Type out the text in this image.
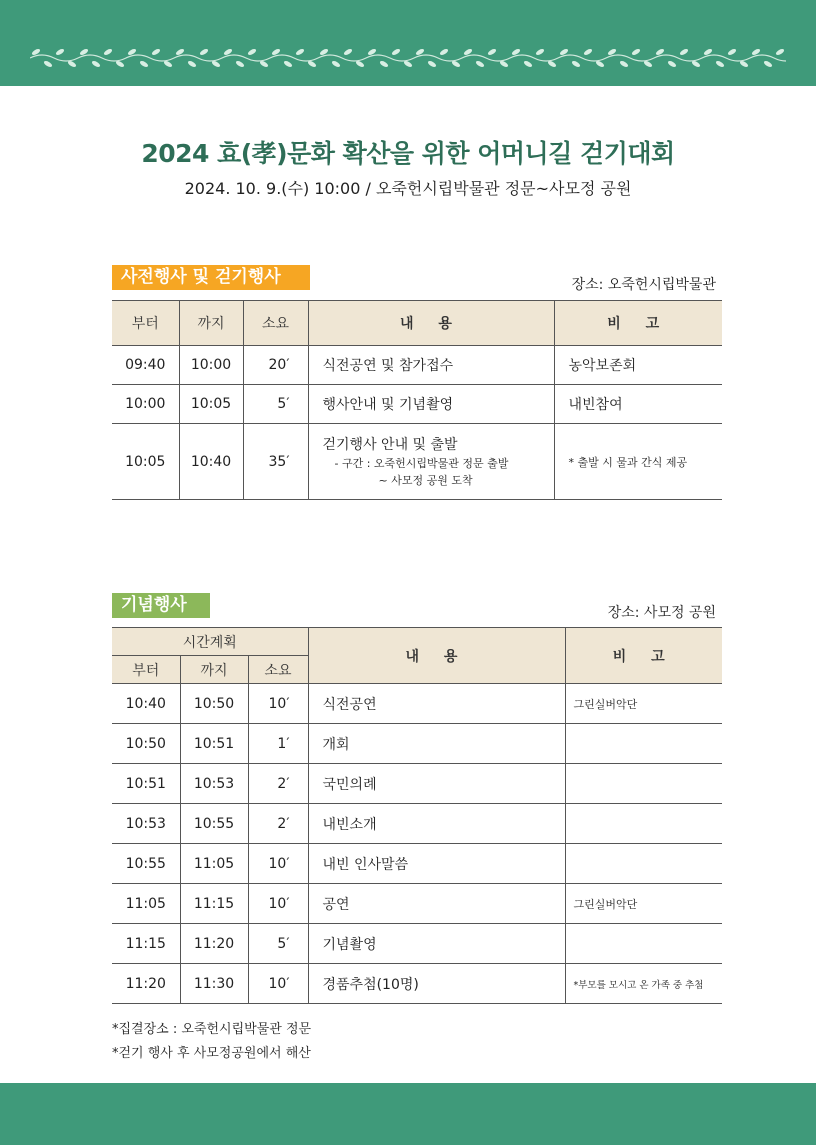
2024 효(孝)문화 확산을 위한 어머니길 걷기대회
2024. 10. 9.(수) 10:00 / 오죽헌시립박물관 정문~사모정 공원
사전행사 및 걷기행사	장소: 오죽헌시립박물관
부터	까지	소요	내 용	비 고
09:40	10:00	20′	식전공연 및 참가접수	농악보존회
10:00	10:05	5′	행사안내 및 기념촬영	내빈참여
10:05	10:40	35′	걷기행사 안내 및 출발
- 구간 : 오죽헌시립박물관 정문 출발
~ 사모정 공원 도착	* 출발 시 물과 간식 제공
기념행사	장소: 사모정 공원
시간계획			내 용	비 고
부터	까지	소요		
10:40	10:50	10′	식전공연	그린실버악단
10:50	10:51	1′	개회	
10:51	10:53	2′	국민의례	
10:53	10:55	2′	내빈소개	
10:55	11:05	10′	내빈 인사말씀	
11:05	11:15	10′	공연	그린실버악단
11:15	11:20	5′	기념촬영	
11:20	11:30	10′	경품추첨(10명)	*부모를 모시고 온 가족 중 추첨
*집결장소 : 오죽헌시립박물관 정문
*걷기 행사 후 사모정공원에서 해산
